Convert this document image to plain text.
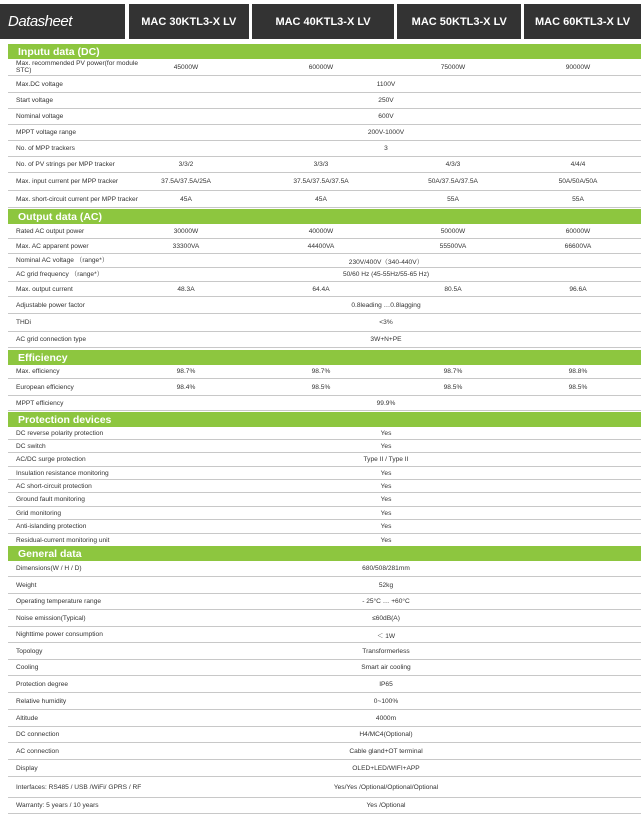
Datasheet	MAC 30KTL3-X LV	MAC 40KTL3-X LV	MAC 50KTL3-X LV	MAC 60KTL3-X LV
Inputu data (DC)
Max. recommended PV power(for module STC)	45000W	60000W	75000W	90000W
Max.DC voltage	1100V
Start voltage	250V
Nominal voltage	600V
MPPT voltage range	200V-1000V
No. of MPP trackers	3
No. of PV strings per MPP tracker	3/3/2	3/3/3	4/3/3	4/4/4
Max. input current per MPP tracker	37.5A/37.5A/25A	37.5A/37.5A/37.5A	50A/37.5A/37.5A	50A/50A/50A
Max. short-circuit current per MPP tracker	45A	45A	55A	55A
Output data (AC)
Rated AC output power	30000W	40000W	50000W	60000W
Max. AC apparent power	33300VA	44400VA	55500VA	66600VA
Nominal AC voltage （range*）	230V/400V（340-440V）
AC grid frequency （range*）	50/60 Hz (45-55Hz/55-65 Hz)
Max. output current	48.3A	64.4A	80.5A	96.6A
Adjustable power factor	0.8leading …0.8lagging
THDi	<3%
AC grid connection type	3W+N+PE
Efficiency
Max. efficiency	98.7%	98.7%	98.7%	98.8%
European efficiency	98.4%	98.5%	98.5%	98.5%
MPPT efficiency	99.9%
Protection devices
DC reverse polarity protection	Yes
DC switch	Yes
AC/DC surge protection	Type II / Type II
Insulation resistance monitoring	Yes
AC short-circuit protection	Yes
Ground fault monitoring	Yes
Grid monitoring	Yes
Anti-islanding protection	Yes
Residual-current monitoring unit	Yes
General data
Dimensions(W / H / D)	680/508/281mm
Weight	52kg
Operating temperature range	- 25°C … +60°C
Noise emission(Typical)	≤60dB(A)
Nighttime power consumption	＜ 1W
Topology	Transformerless
Cooling	Smart air cooling
Protection degree	IP65
Relative humidity	0~100%
Altitude	4000m
DC connection	H4/MC4(Optional)
AC connection	Cable gland+OT terminal
Display	OLED+LED/WIFI+APP
Interfaces: RS485 / USB /WiFi/ GPRS / RF	Yes/Yes /Optional/Optional/Optional
Warranty: 5 years / 10 years	Yes /Optional
